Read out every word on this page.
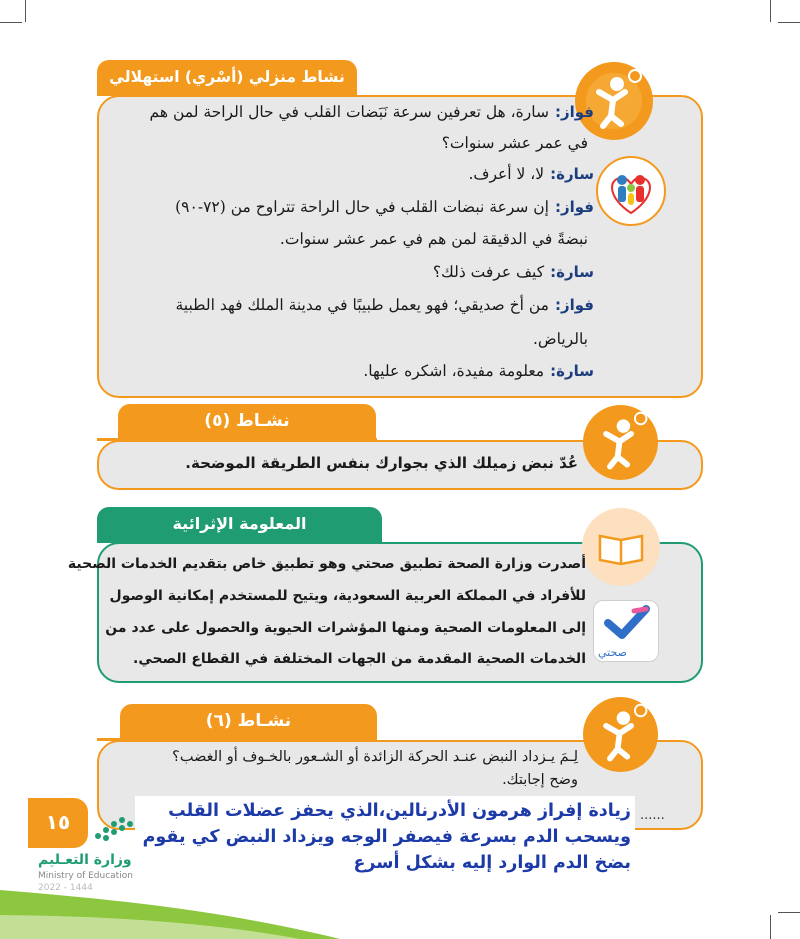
نشاط منزلي (أسْري) استهلالي
فواز:سارة، هل تعرفين سرعة نَبَضات القلب في حال الراحة لمن هم
في عمر عشر سنوات؟
سارة:لا، لا أعرف.
فواز:إن سرعة نبضات القلب في حال الراحة تتراوح من (٧٢-٩٠)
نبضةً في الدقيقة لمن هم في عمر عشر سنوات.
سارة:كيف عرفت ذلك؟
فواز:من أخ صديقي؛ فهو يعمل طبيبًا في مدينة الملك فهد الطبية
بالرياض.
سارة:معلومة مفيدة، اشكره عليها.
نشـاط (٥)
عُدّ نبض زميلك الذي بجوارك بنفس الطريقة الموضحة.
المعلومة الإثرائية
صحتي
أصدرت وزارة الصحة تطبيق صحتي وهو تطبيق خاص بتقديم الخدمات الصحية
للأفراد في المملكة العربية السعودية، ويتيح للمستخدم إمكانية الوصول
إلى المعلومات الصحية ومنها المؤشرات الحيوية والحصول على عدد من
الخدمات الصحية المقدمة من الجهات المختلفة في القطاع الصحي.
نشـاط (٦)
لِـمَ يـزداد النبض عنـد الحركة الزائدة أو الشـعور بالخـوف أو الغضب؟
وضح إجابتك.
......
١٥
وزارة التعـليم
Ministry of Education
2022 - 1444
زيادة إفراز هرمون الأدرنالين،الذي يحفز عضلات القلب
ويسحب الدم بسرعة فيصفر الوجه ويزداد النبض كي يقوم
بضخ الدم الوارد إليه بشكل أسرع
